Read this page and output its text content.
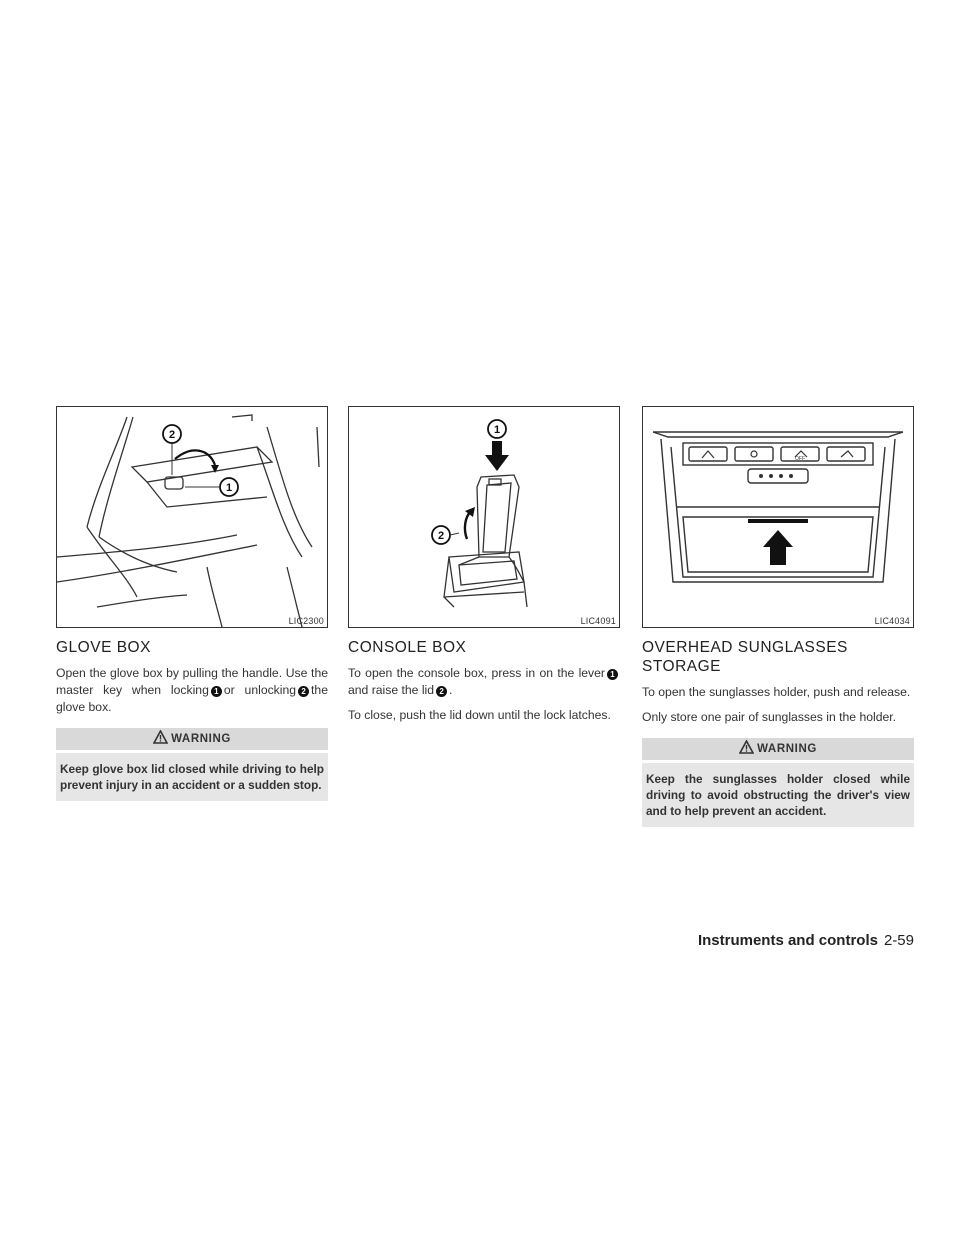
2
1
LIC2300
GLOVE BOX

Open the glove box by pulling the handle. Use the master key when locking 1 or unlocking 2 the glove box.

WARNING
Keep glove box lid closed while driving to help prevent injury in an accident or a sudden stop.
1
2
LIC4091
CONSOLE BOX

To open the console box, press in on the lever 1and raise the lid 2 .

To close, push the lid down until the lock latches.

OFF
LIC4034
OVERHEAD SUNGLASSES
STORAGE

To open the sunglasses holder, push and release.

Only store one pair of sunglasses in the holder.

WARNING
Keep the sunglasses holder closed while driving to avoid obstructing the driver's view and to help prevent an accident.
Instruments and controls 2-59
